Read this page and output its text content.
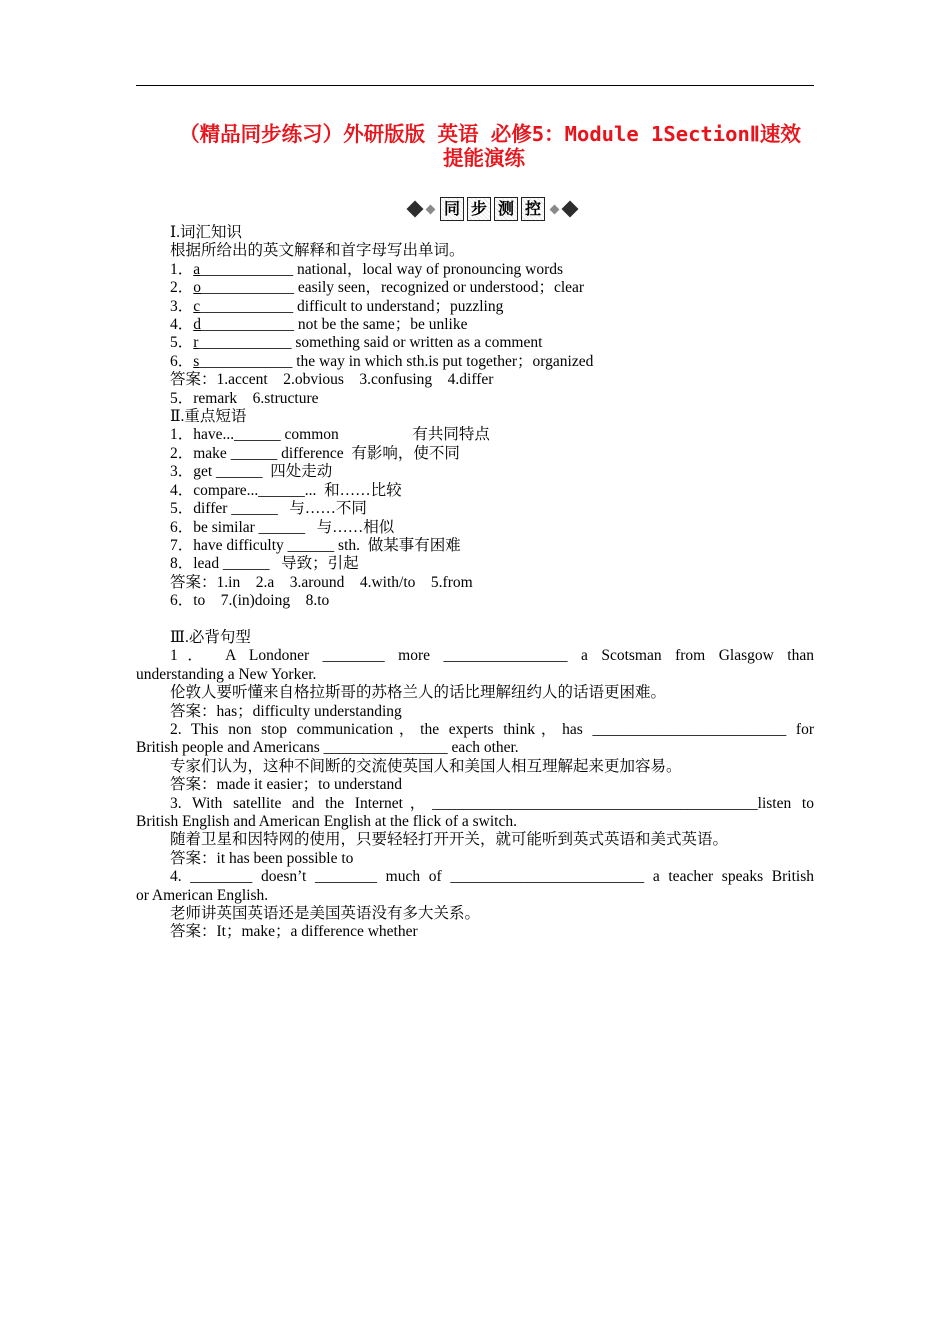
（精品同步练习）外研版版 英语 必修5：Module 1SectionⅡ速效
提能演练
同 步 测 控
Ⅰ.词汇知识
根据所给出的英文解释和首字母写出单词。
1．a____________ national，local way of pronouncing words
2．o____________ easily seen，recognized or understood；clear
3．c____________ difficult to understand；puzzling
4．d____________ not be the same；be unlike
5．r____________ something said or written as a comment
6．s____________ the way in which sth.is put together；organized
答案：1.accent    2.obvious    3.confusing    4.differ
5．remark    6.structure
Ⅱ.重点短语
1．have...______ common                   有共同特点
2．make ______ difference  有影响，使不同
3．get ______  四处走动
4．compare...______...  和……比较
5．differ ______   与……不同
6．be similar ______   与……相似
7．have difficulty ______ sth.  做某事有困难
8．lead ______   导致；引起
答案：1.in    2.a    3.around    4.with/to    5.from
6．to    7.(in)doing    8.to
Ⅲ.必背句型
1． A Londoner ________ more ________________ a Scotsman from Glasgow than
understanding a New Yorker.
伦敦人要听懂来自格拉斯哥的苏格兰人的话比理解纽约人的话语更困难。
答案：has；difficulty understanding
2. This non stop communication，the experts think，has _________________________ for
British people and Americans ________________ each other.
专家们认为，这种不间断的交流使英国人和美国人相互理解起来更加容易。
答案：made it easier；to understand
3. With satellite and the Internet，__________________________________________listen to
British English and American English at the flick of a switch.
随着卫星和因特网的使用，只要轻轻打开开关，就可能听到英式英语和美式英语。
答案：it has been possible to
4. ________ doesn’t ________ much of _________________________ a teacher speaks British
or American English.
老师讲英国英语还是美国英语没有多大关系。
答案：It；make；a difference whether
